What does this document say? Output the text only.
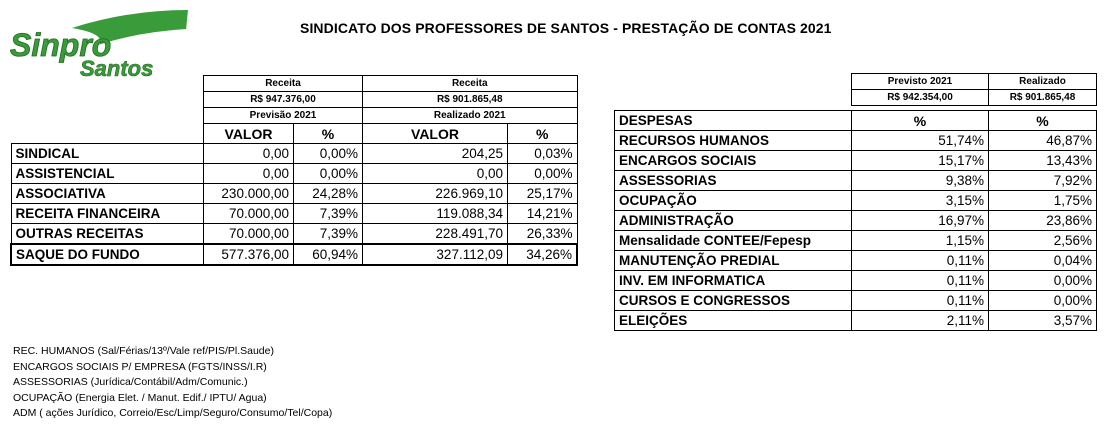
Sinpro
Santos
SINDICATO DOS PROFESSORES DE SANTOS - PRESTAÇÃO DE CONTAS 2021
	Receita		Receita	
	R$ 947.376,00		R$ 901.865,48	
	Previsão 2021		Realizado 2021	
	VALOR	%	VALOR	%
SINDICAL	0,00	0,00%	204,25	0,03%
ASSISTENCIAL	0,00	0,00%	0,00	0,00%
ASSOCIATIVA	230.000,00	24,28%	226.969,10	25,17%
RECEITA FINANCEIRA	70.000,00	7,39%	119.088,34	14,21%
OUTRAS RECEITAS	70.000,00	7,39%	228.491,70	26,33%
SAQUE DO FUNDO	577.376,00	60,94%	327.112,09	34,26%
	Previsto 2021	Realizado
	R$ 942.354,00	R$ 901.865,48

DESPESAS	%	%
RECURSOS HUMANOS	51,74%	46,87%
ENCARGOS SOCIAIS	15,17%	13,43%
ASSESSORIAS	9,38%	7,92%
OCUPAÇÃO	3,15%	1,75%
ADMINISTRAÇÃO	16,97%	23,86%
Mensalidade CONTEE/Fepesp	1,15%	2,56%
MANUTENÇÃO PREDIAL	0,11%	0,04%
INV. EM INFORMATICA	0,11%	0,00%
CURSOS E CONGRESSOS	0,11%	0,00%
ELEIÇÕES	2,11%	3,57%
REC. HUMANOS (Sal/Férias/13º/Vale ref/PIS/Pl.Saude)
ENCARGOS SOCIAIS P/ EMPRESA (FGTS/INSS/I.R)
ASSESSORIAS (Jurídica/Contábil/Adm/Comunic.)
OCUPAÇÃO (Energia Elet. / Manut. Edif./ IPTU/ Agua)
ADM ( ações Jurídico, Correio/Esc/Limp/Seguro/Consumo/Tel/Copa)
